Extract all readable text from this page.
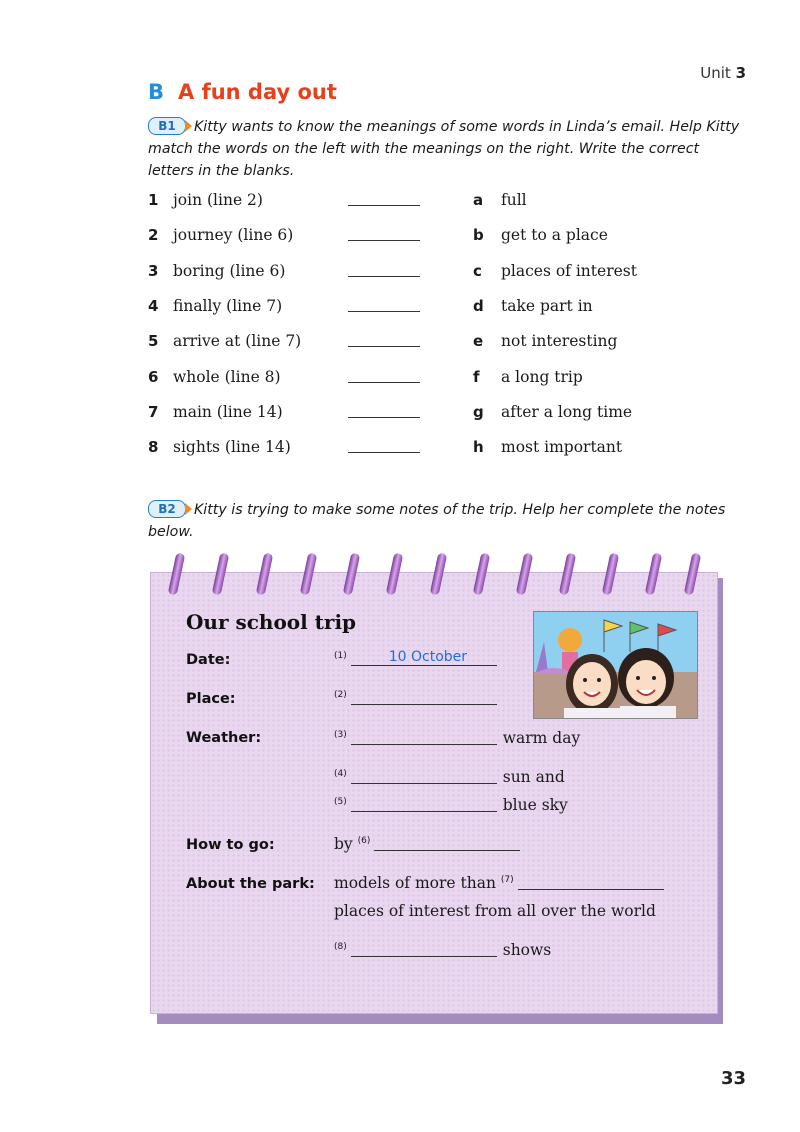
Unit 3
B A fun day out
B1 Kitty wants to know the meanings of some words in Linda’s email. Help Kitty match the words on the left with the meanings on the right. Write the correct letters in the blanks.
1 join (line 2)	a full
2 journey (line 6)	b get to a place
3 boring (line 6)	c places of interest
4 finally (line 7)	d take part in
5 arrive at (line 7)	e not interesting
6 whole (line 8)	f a long trip
7 main (line 14)	g after a long time
8 sights (line 14)	h most important
B2 Kitty is trying to make some notes of the trip. Help her complete the notes below.
Our school trip
Date:	$^{(1)}$	10 October
Place:	$^{(2)}$
Weather:	$^{(3)}$	warm day
$^{(4)}$	sun and
$^{(5)}$	blue sky
How to go:	by $^{(6)}$
About the park: models of more than $^{(7)}$
places of interest from all over the world
$^{(8)}$	shows
33
